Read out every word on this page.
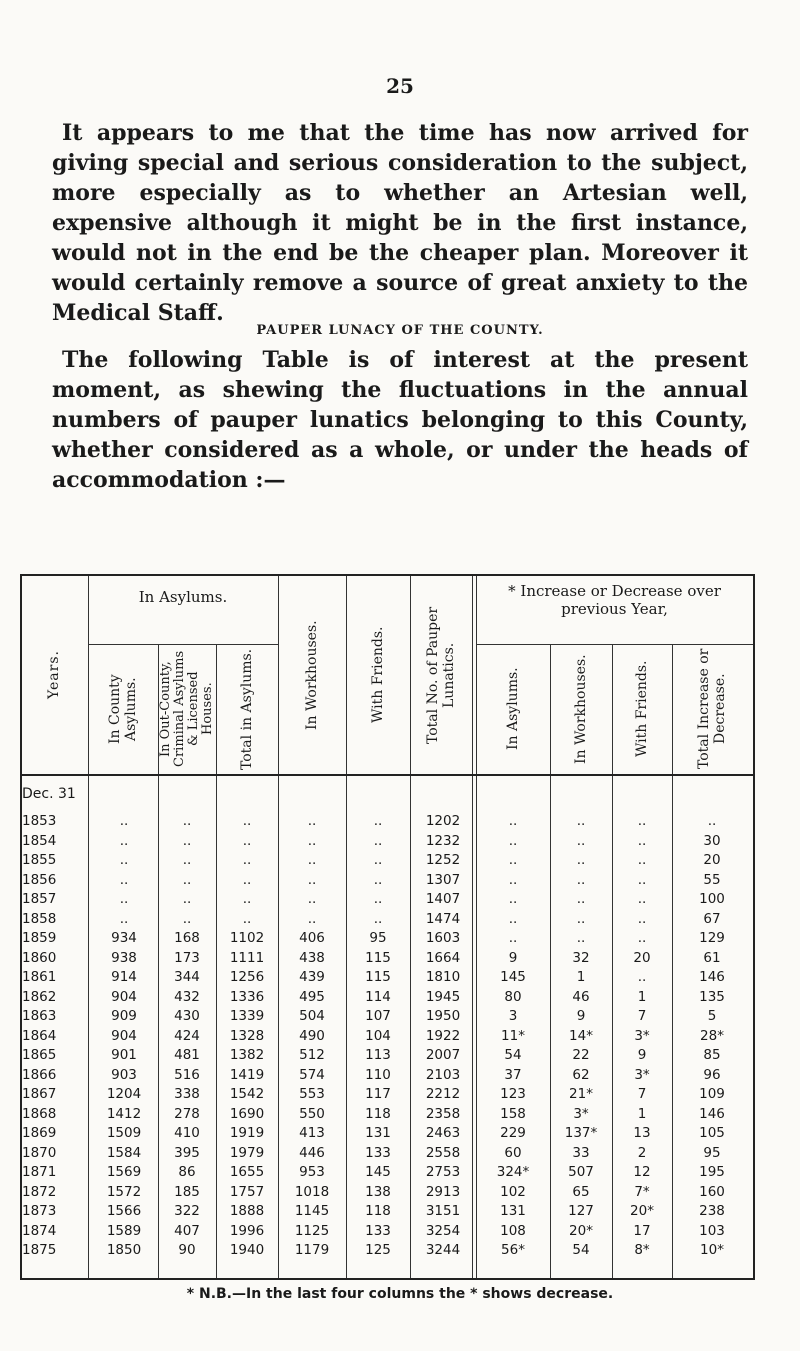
25
It appears to me that the time has now arrived for giving special and serious consideration to the subject, more especially as to whether an Artesian well, expensive although it might be in the first instance, would not in the end be the cheaper plan. Moreover it would certainly remove a source of great anxiety to the Medical Staff.
PAUPER LUNACY OF THE COUNTY.
The following Table is of interest at the present moment, as shewing the fluctuations in the annual numbers of pauper lunatics belonging to this County, whether considered as a whole, or under the heads of accommodation :—
In Asylums.	* Increase or Decrease over previous Year,
Years.	In County Asylums.	In Out-County, Criminal Asylums & Licensed Houses.	Total in Asylums.	In Workhouses.	With Friends.	Total No. of Pauper Lunatics.	In Asylums.	In Workhouses.	With Friends.	Total Increase or Decrease.
Dec. 31
1853	..	..	..	..	..	1202	..	..	..	..
1854	..	..	..	..	..	1232	..	..	..	30
1855	..	..	..	..	..	1252	..	..	..	20
1856	..	..	..	..	..	1307	..	..	..	55
1857	..	..	..	..	..	1407	..	..	..	100
1858	..	..	..	..	..	1474	..	..	..	67
1859	934	168	1102	406	95	1603	..	..	..	129
1860	938	173	1111	438	115	1664	9	32	20	61
1861	914	344	1256	439	115	1810	145	1	..	146
1862	904	432	1336	495	114	1945	80	46	1	135
1863	909	430	1339	504	107	1950	3	9	7	5
1864	904	424	1328	490	104	1922	11*	14*	3*	28*
1865	901	481	1382	512	113	2007	54	22	9	85
1866	903	516	1419	574	110	2103	37	62	3*	96
1867	1204	338	1542	553	117	2212	123	21*	7	109
1868	1412	278	1690	550	118	2358	158	3*	1	146
1869	1509	410	1919	413	131	2463	229	137*	13	105
1870	1584	395	1979	446	133	2558	60	33	2	95
1871	1569	86	1655	953	145	2753	324*	507	12	195
1872	1572	185	1757	1018	138	2913	102	65	7*	160
1873	1566	322	1888	1145	118	3151	131	127	20*	238
1874	1589	407	1996	1125	133	3254	108	20*	17	103
1875	1850	90	1940	1179	125	3244	56*	54	8*	10*
* N.B.—In the last four columns the * shows decrease.
